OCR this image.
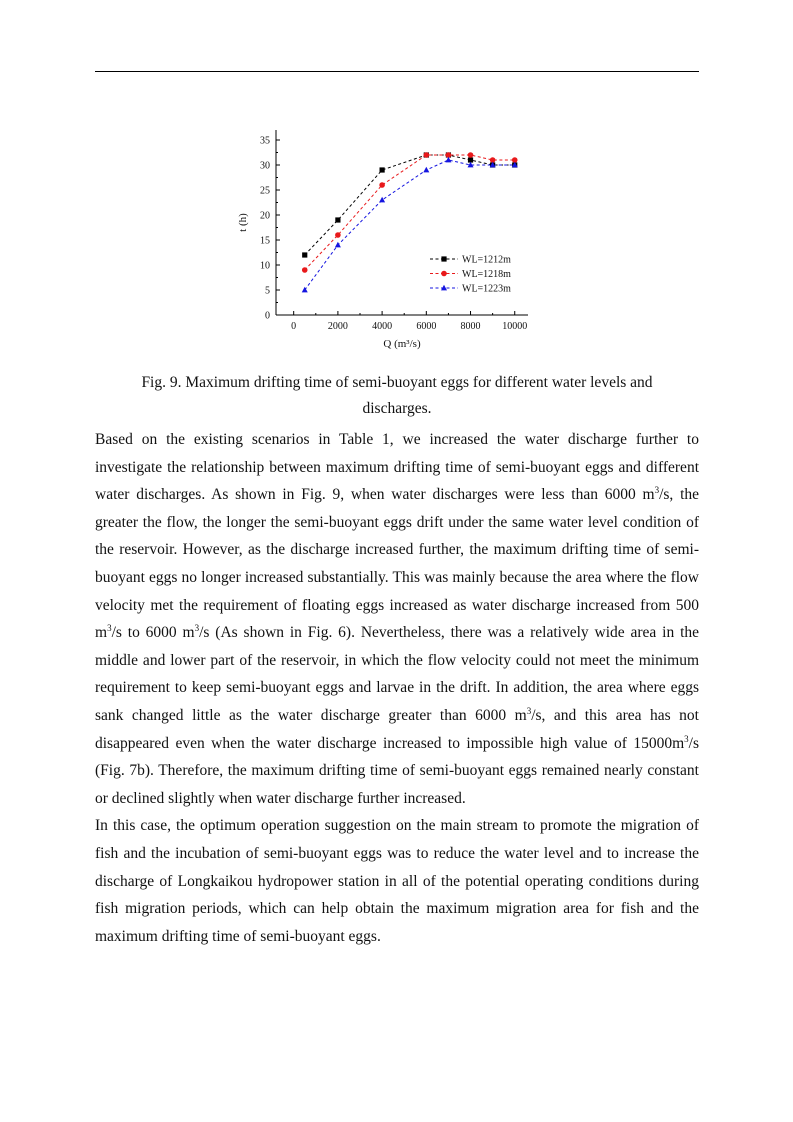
0	2000 4000 6000 8000 10000
0
5
10
15
20
25
30
35
Q (m³/s)
t (h)
WL=1212m
WL=1218m
WL=1223m
Fig. 9. Maximum drifting time of semi-buoyant eggs for different water levels and
discharges.

Based on the existing scenarios in Table 1, we increased the water discharge further to investigate the relationship between maximum drifting time of semi-buoyant eggs and different water discharges. As shown in Fig. 9, when water discharges were less than 6000 $m^3/s$, the greater the flow, the longer the semi-buoyant eggs drift under the same water level condition of the reservoir. However, as the discharge increased further, the maximum drifting time of semi-buoyant eggs no longer increased substantially. This was mainly because the area where the flow velocity met the requirement of floating eggs increased as water discharge increased from 500 $m^3/s$ to 6000 $m^3/s$ (As shown in Fig. 6). Nevertheless, there was a relatively wide area in the middle and lower part of the reservoir, in which the flow velocity could not meet the minimum requirement to keep semi-buoyant eggs and larvae in the drift. In addition, the area where eggs sank changed little as the water discharge greater than 6000 $m^3/s$, and this area has not disappeared even when the water discharge increased to impossible high value of $15000m^3/s$ (Fig. 7b). Therefore, the maximum drifting time of semi-buoyant eggs remained nearly constant or declined slightly when water discharge further increased.

In this case, the optimum operation suggestion on the main stream to promote the migration of fish and the incubation of semi-buoyant eggs was to reduce the water level and to increase the discharge of Longkaikou hydropower station in all of the potential operating conditions during fish migration periods, which can help obtain the maximum migration area for fish and the maximum drifting time of semi-buoyant eggs.
